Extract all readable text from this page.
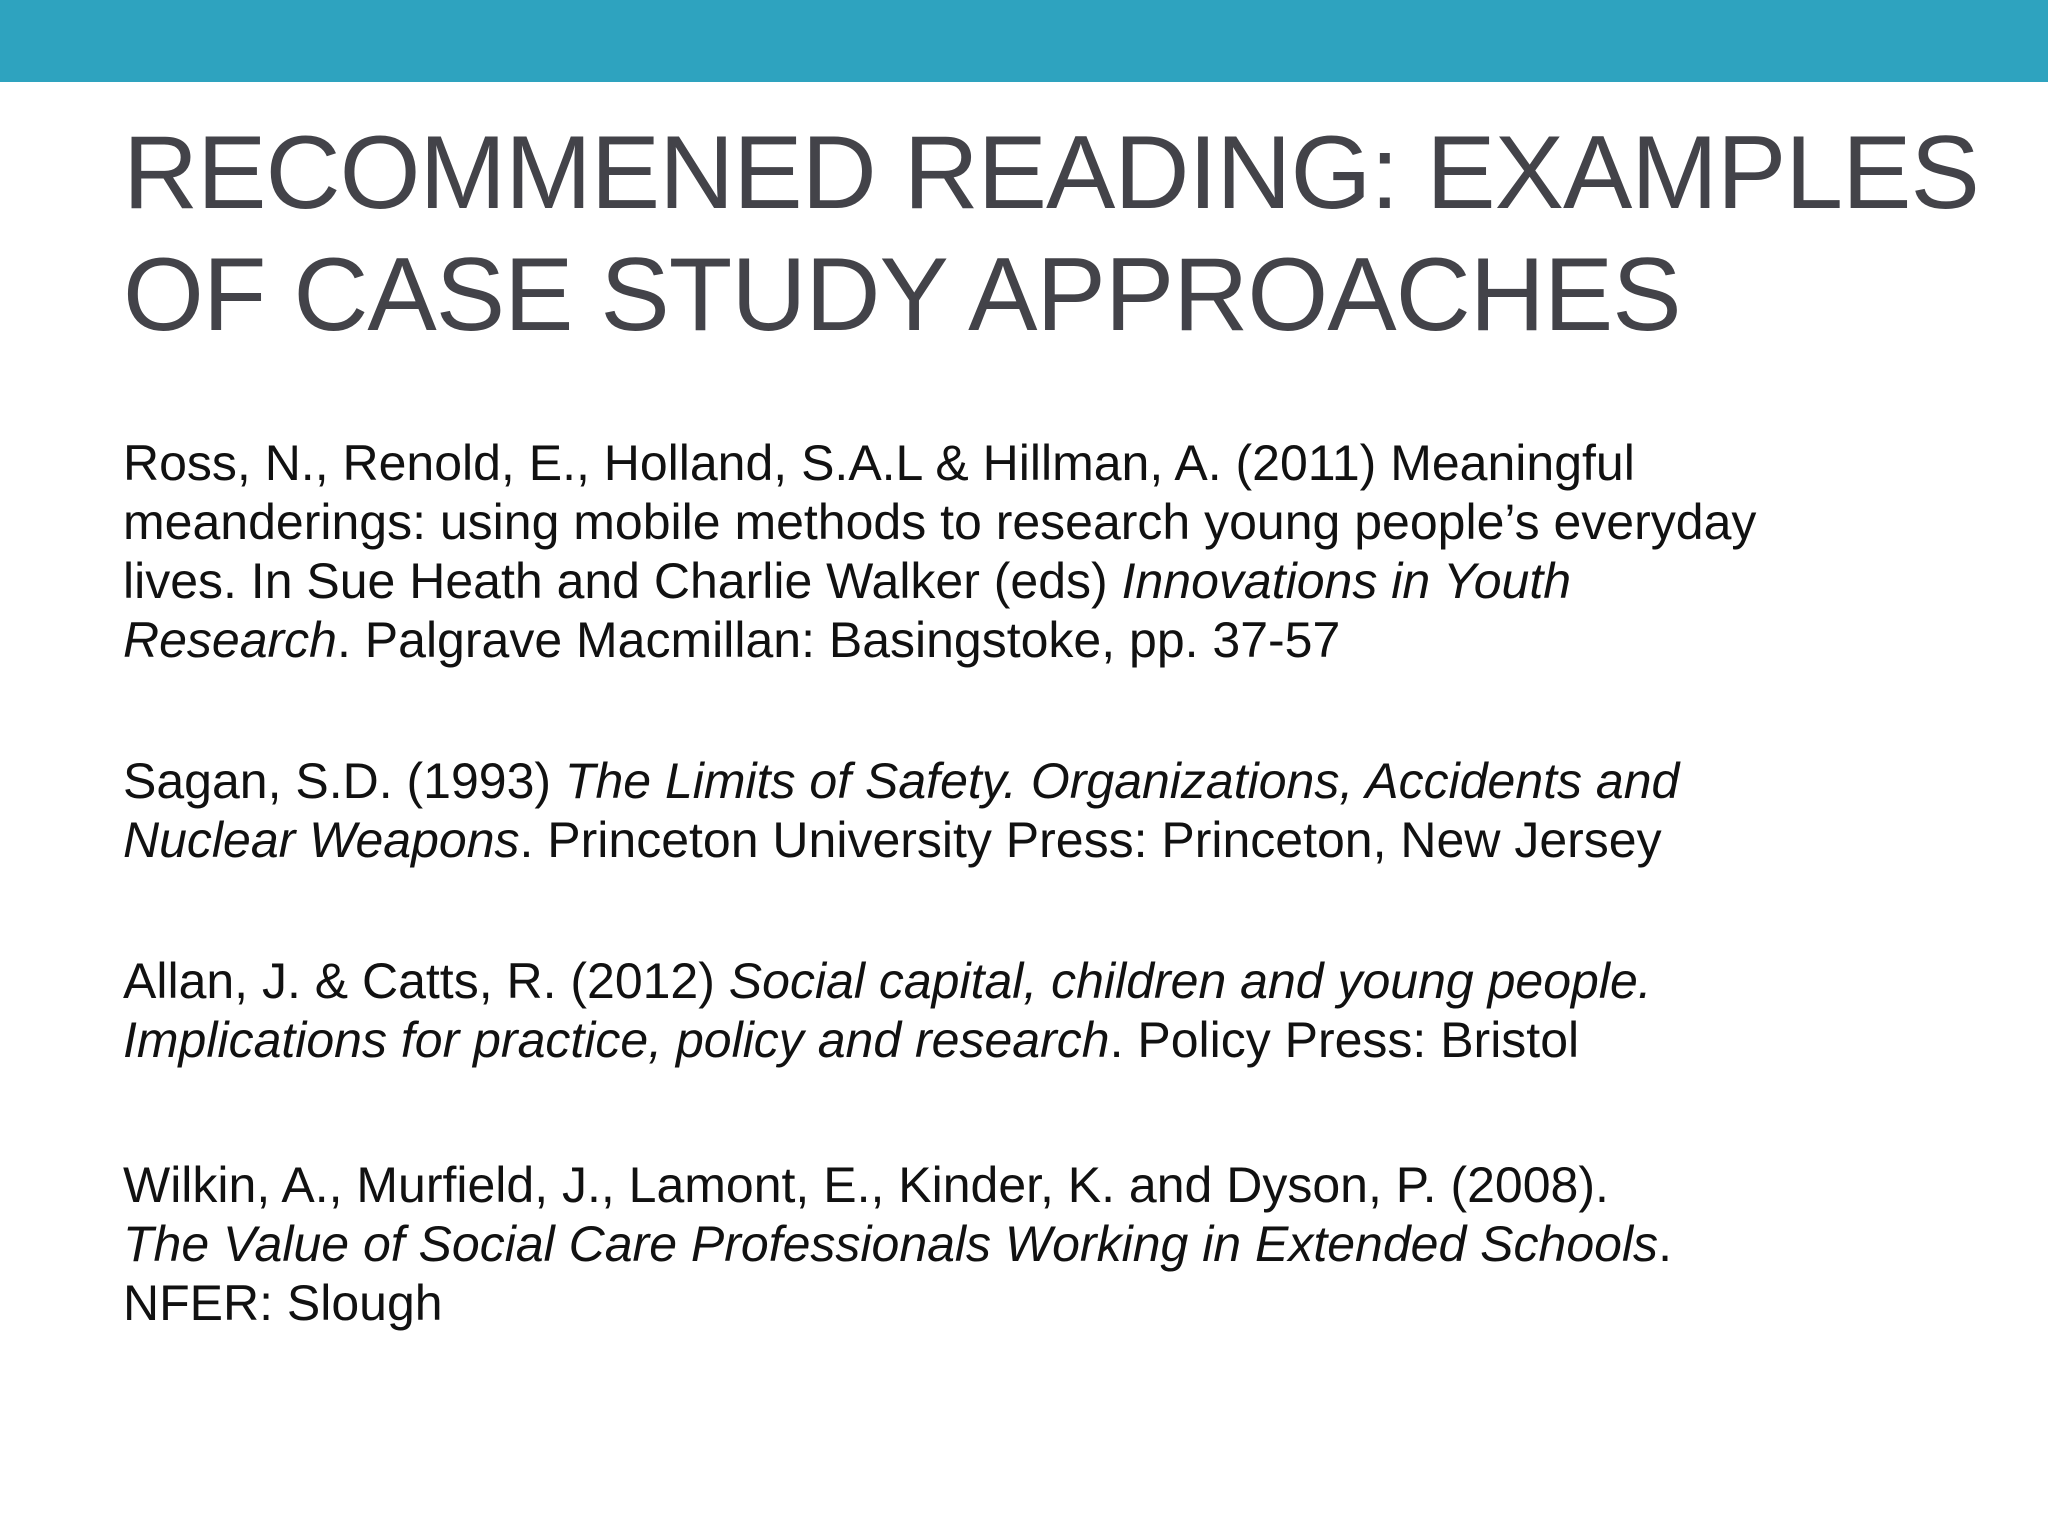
RECOMMENED READING: EXAMPLES
OF CASE STUDY APPROACHES
Ross, N., Renold, E., Holland, S.A.L & Hillman, A. (2011) Meaningful
meanderings: using mobile methods to research young people’s everyday
lives. In Sue Heath and Charlie Walker (eds) Innovations in Youth
Research. Palgrave Macmillan: Basingstoke, pp. 37-57
Sagan, S.D. (1993) The Limits of Safety. Organizations, Accidents and
Nuclear Weapons. Princeton University Press: Princeton, New Jersey
Allan, J. & Catts, R. (2012) Social capital, children and young people.
Implications for practice, policy and research. Policy Press: Bristol
Wilkin, A., Murfield, J., Lamont, E., Kinder, K. and Dyson, P. (2008).
The Value of Social Care Professionals Working in Extended Schools.
NFER: Slough
